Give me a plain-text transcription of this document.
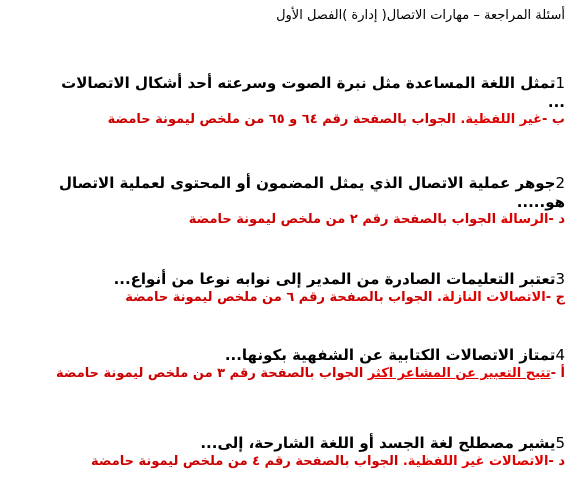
أسئلة المراجعة – مهارات الاتصال( إدارة )الفصل الأول

1تمثل اللغة المساعدة مثل نبرة الصوت وسرعته أحد أشكال الاتصالات

...

ب -غير اللفظية. الجواب بالصفحة رقم ٦٤ و ٦٥ من ملخص ليمونة حامضة

2جوهر عملية الاتصال الذي يمثل المضمون أو المحتوى لعملية الاتصال

هو.....

د -الرسالة الجواب بالصفحة رقم ٢ من ملخص ليمونة حامضة

3تعتبر التعليمات الصادرة من المدير إلى نوابه نوعا من أنواع...

ج -الاتصالات النازلة. الجواب بالصفحة رقم ٦ من ملخص ليمونة حامضة

4تمتاز الاتصالات الكتابية عن الشفهية بكونها...

أ -تتيح التعبير عن المشاعر اكثر الجواب بالصفحة رقم ٣ من ملخص ليمونة حامضة

5يشير مصطلح لغة الجسد أو اللغة الشارحة، إلى...

د -الاتصالات غير اللفظية. الجواب بالصفحة رقم ٤ من ملخص ليمونة حامضة
